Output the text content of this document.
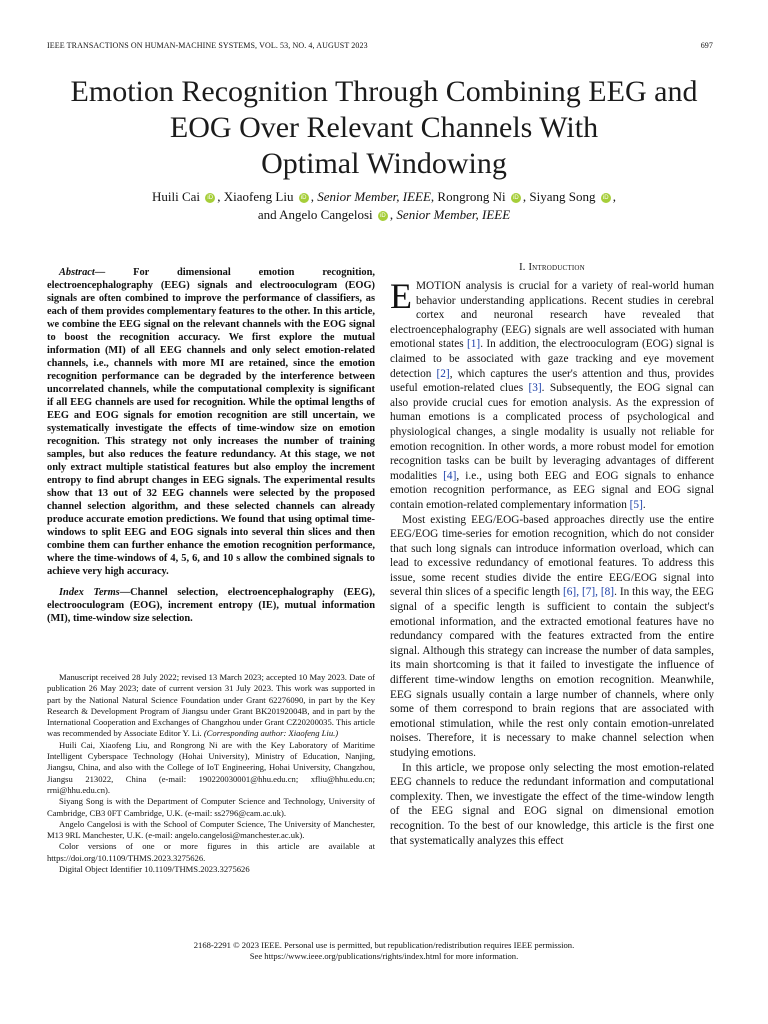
IEEE TRANSACTIONS ON HUMAN-MACHINE SYSTEMS, VOL. 53, NO. 4, AUGUST 2023	697
Emotion Recognition Through Combining EEG and
EOG Over Relevant Channels With
Optimal Windowing
Huili Cai iD , Xiaofeng Liu iD , Senior Member, IEEE, Rongrong Ni iD , Siyang Song iD ,
and Angelo Cangelosi iD , Senior Member, IEEE

Abstract— For dimensional emotion recognition, electroencephalography (EEG) signals and electrooculogram (EOG) signals are often combined to improve the performance of classifiers, as each of them provides complementary features to the other. In this article, we combine the EEG signal on the relevant channels with the EOG signal to boost the recognition accuracy. We first explore the mutual information (MI) of all EEG channels and only select emotion-related channels, i.e., channels with more MI are retained, since the emotion recognition performance can be degraded by the interference between uncorrelated channels, while the computational complexity is significant if all EEG channels are used for recognition. While the optimal lengths of EEG and EOG signals for emotion recognition are still uncertain, we systematically investigate the effects of time-window size on emotion recognition. This strategy not only increases the number of training samples, but also reduces the feature redundancy. At this stage, we not only extract multiple statistical features but also employ the increment entropy to find abrupt changes in EEG signals. The experimental results show that 13 out of 32 EEG channels were selected by the proposed channel selection algorithm, and these selected channels can already produce accurate emotion predictions. We found that using optimal time-windows to split EEG and EOG signals into several thin slices and then combine them can further enhance the emotion recognition performance, where the time-windows of 4, 5, 6, and 10 s allow the combined signals to achieve very high accuracy.

Index Terms—Channel selection, electroencephalography (EEG), electrooculogram (EOG), increment entropy (IE), mutual information (MI), time-window size selection.

Manuscript received 28 July 2022; revised 13 March 2023; accepted 10 May 2023. Date of publication 26 May 2023; date of current version 31 July 2023. This work was supported in part by the National Natural Science Foundation under Grant 62276090, in part by the Key Research & Development Program of Jiangsu under Grant BK20192004B, and in part by the International Cooperation and Exchanges of Changzhou under Grant CZ20200035. This article was recommended by Associate Editor Y. Li. (Corresponding author: Xiaofeng Liu.)

Huili Cai, Xiaofeng Liu, and Rongrong Ni are with the Key Laboratory of Maritime Intelligent Cyberspace Technology (Hohai University), Ministry of Education, Nanjing, Jiangsu, China, and also with the College of IoT Engineering, Hohai University, Changzhou, Jiangsu 213022, China (e-mail: 190220030001@hhu.edu.cn; xfliu@hhu.edu.cn; rrni@hhu.edu.cn).

Siyang Song is with the Department of Computer Science and Technology, University of Cambridge, CB3 0FT Cambridge, U.K. (e-mail: ss2796@cam.ac.uk).

Angelo Cangelosi is with the School of Computer Science, The University of Manchester, M13 9RL Manchester, U.K. (e-mail: angelo.cangelosi@manchester.ac.uk).

Color versions of one or more figures in this article are available at https://doi.org/10.1109/THMS.2023.3275626.

Digital Object Identifier 10.1109/THMS.2023.3275626

I. Introduction

EMOTION analysis is crucial for a variety of real-world human behavior understanding applications. Recent studies in cerebral cortex and neuronal research have revealed that electroencephalography (EEG) signals are well associated with human emotional states [1]. In addition, the electrooculogram (EOG) signal is claimed to be associated with gaze tracking and eye movement detection [2], which captures the user's attention and thus, provides useful emotion-related clues [3]. Subsequently, the EOG signal can also provide crucial cues for emotion analysis. As the expression of human emotions is a complicated process of psychological and physiological changes, a single modality is usually not reliable for emotion recognition. In other words, a more robust model for emotion recognition tasks can be built by leveraging advantages of different modalities [4], i.e., using both EEG and EOG signals to enhance emotion recognition performance, as EEG signal and EOG signal contain emotion-related complementary information [5].

Most existing EEG/EOG-based approaches directly use the entire EEG/EOG time-series for emotion recognition, which do not consider that such long signals can introduce information overload, which can lead to excessive redundancy of emotional features. To address this issue, some recent studies divide the entire EEG/EOG signal into several thin slices of a specific length [6], [7], [8]. In this way, the EEG signal of a specific length is sufficient to contain the subject's emotional information, and the extracted emotional features have no redundancy compared with the features extracted from the entire signal. Although this strategy can increase the number of data samples, its main shortcoming is that it failed to investigate the influence of different time-window lengths on emotion recognition. Meanwhile, EEG signals usually contain a large number of channels, where only some of them correspond to brain regions that are associated with emotional stimulation, while the rest only contain emotion-unrelated noises. Therefore, it is necessary to make channel selection when studying emotions.

In this article, we propose only selecting the most emotion-related EEG channels to reduce the redundant information and computational complexity. Then, we investigate the effect of the time-window length of the EEG signal and EOG signal on dimensional emotion recognition. To the best of our knowledge, this article is the first one that systematically analyzes this effect

2168-2291 © 2023 IEEE. Personal use is permitted, but republication/redistribution requires IEEE permission.
See https://www.ieee.org/publications/rights/index.html for more information.
